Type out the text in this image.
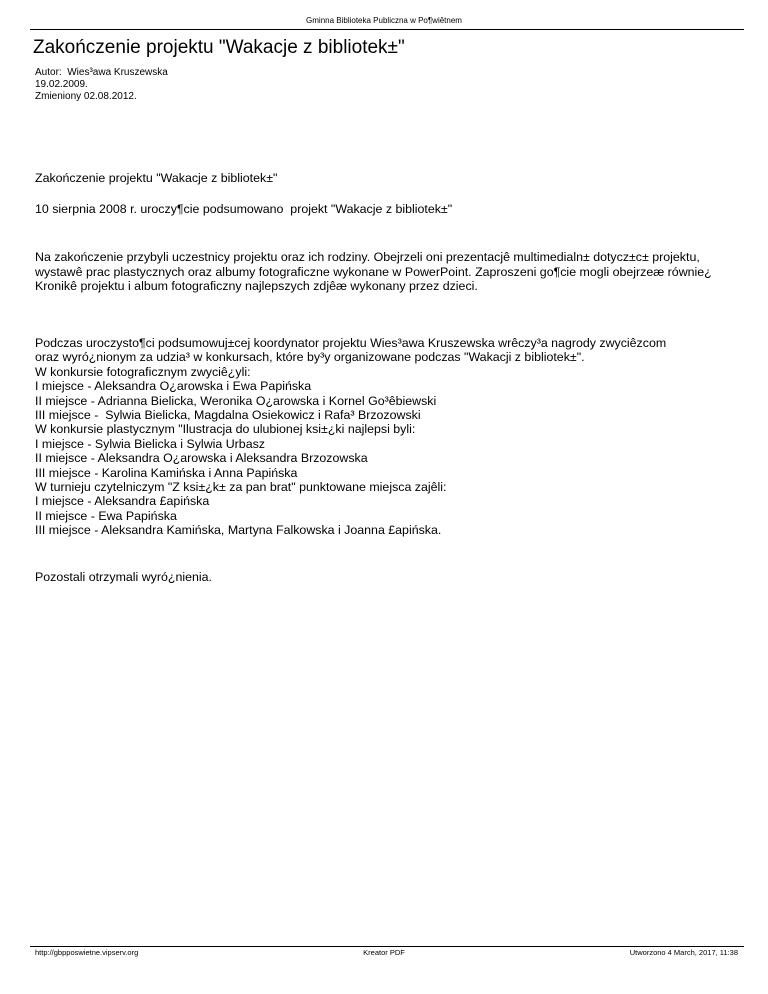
Gminna Biblioteka Publiczna w Po¶wiêtnem
Zakończenie projektu "Wakacje z bibliotek±"
Autor:  Wies³awa Kruszewska
19.02.2009.
Zmieniony 02.08.2012.

Zakończenie projektu "Wakacje z bibliotek±"

10 sierpnia 2008 r. uroczy¶cie podsumowano  projekt "Wakacje z bibliotek±"

Na zakończenie przybyli uczestnicy projektu oraz ich rodziny. Obejrzeli oni prezentacjê multimedialn± dotycz±c± projektu, wystawê prac plastycznych oraz albumy fotograficzne wykonane w PowerPoint. Zaproszeni go¶cie mogli obejrzeæ równie¿ Kronikê projektu i album fotograficzny najlepszych zdjêæ wykonany przez dzieci.

Podczas uroczysto¶ci podsumowuj±cej koordynator projektu Wies³awa Kruszewska wrêczy³a nagrody zwyciêzcom
oraz wyró¿nionym za udzia³ w konkursach, które by³y organizowane podczas "Wakacji z bibliotek±".
W konkursie fotograficznym zwyciê¿yli:
I miejsce - Aleksandra O¿arowska i Ewa Papińska
II miejsce - Adrianna Bielicka, Weronika O¿arowska i Kornel Go³êbiewski
III miejsce -  Sylwia Bielicka, Magdalna Osiekowicz i Rafa³ Brzozowski
W konkursie plastycznym "Ilustracja do ulubionej ksi±¿ki najlepsi byli:
I miejsce - Sylwia Bielicka i Sylwia Urbasz
II miejsce - Aleksandra O¿arowska i Aleksandra Brzozowska
III miejsce - Karolina Kamińska i Anna Papińska
W turnieju czytelniczym "Z ksi±¿k± za pan brat" punktowane miejsca zajêli:
I miejsce - Aleksandra £apińska
II miejsce - Ewa Papińska
III miejsce - Aleksandra Kamińska, Martyna Falkowska i Joanna £apińska.

Pozostali otrzymali wyró¿nienia.

http://gbpposwietne.vipserv.org	Kreator PDF	Utworzono 4 March, 2017, 11:38
